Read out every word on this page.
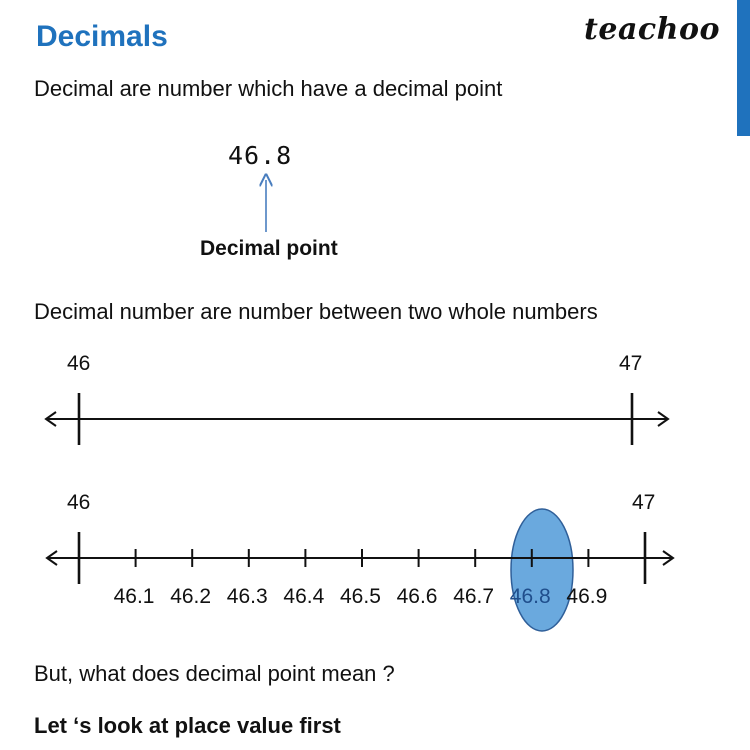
Decimals	teachoo
Decimal are number which have a decimal point
46.8
Decimal point
Decimal number are number between two whole numbers
46	47
46	47
46.1 46.2 46.3 46.4 46.5 46.6 46.7 46.8 46.9
But, what does decimal point mean ?
Let ‘s look at place value first
